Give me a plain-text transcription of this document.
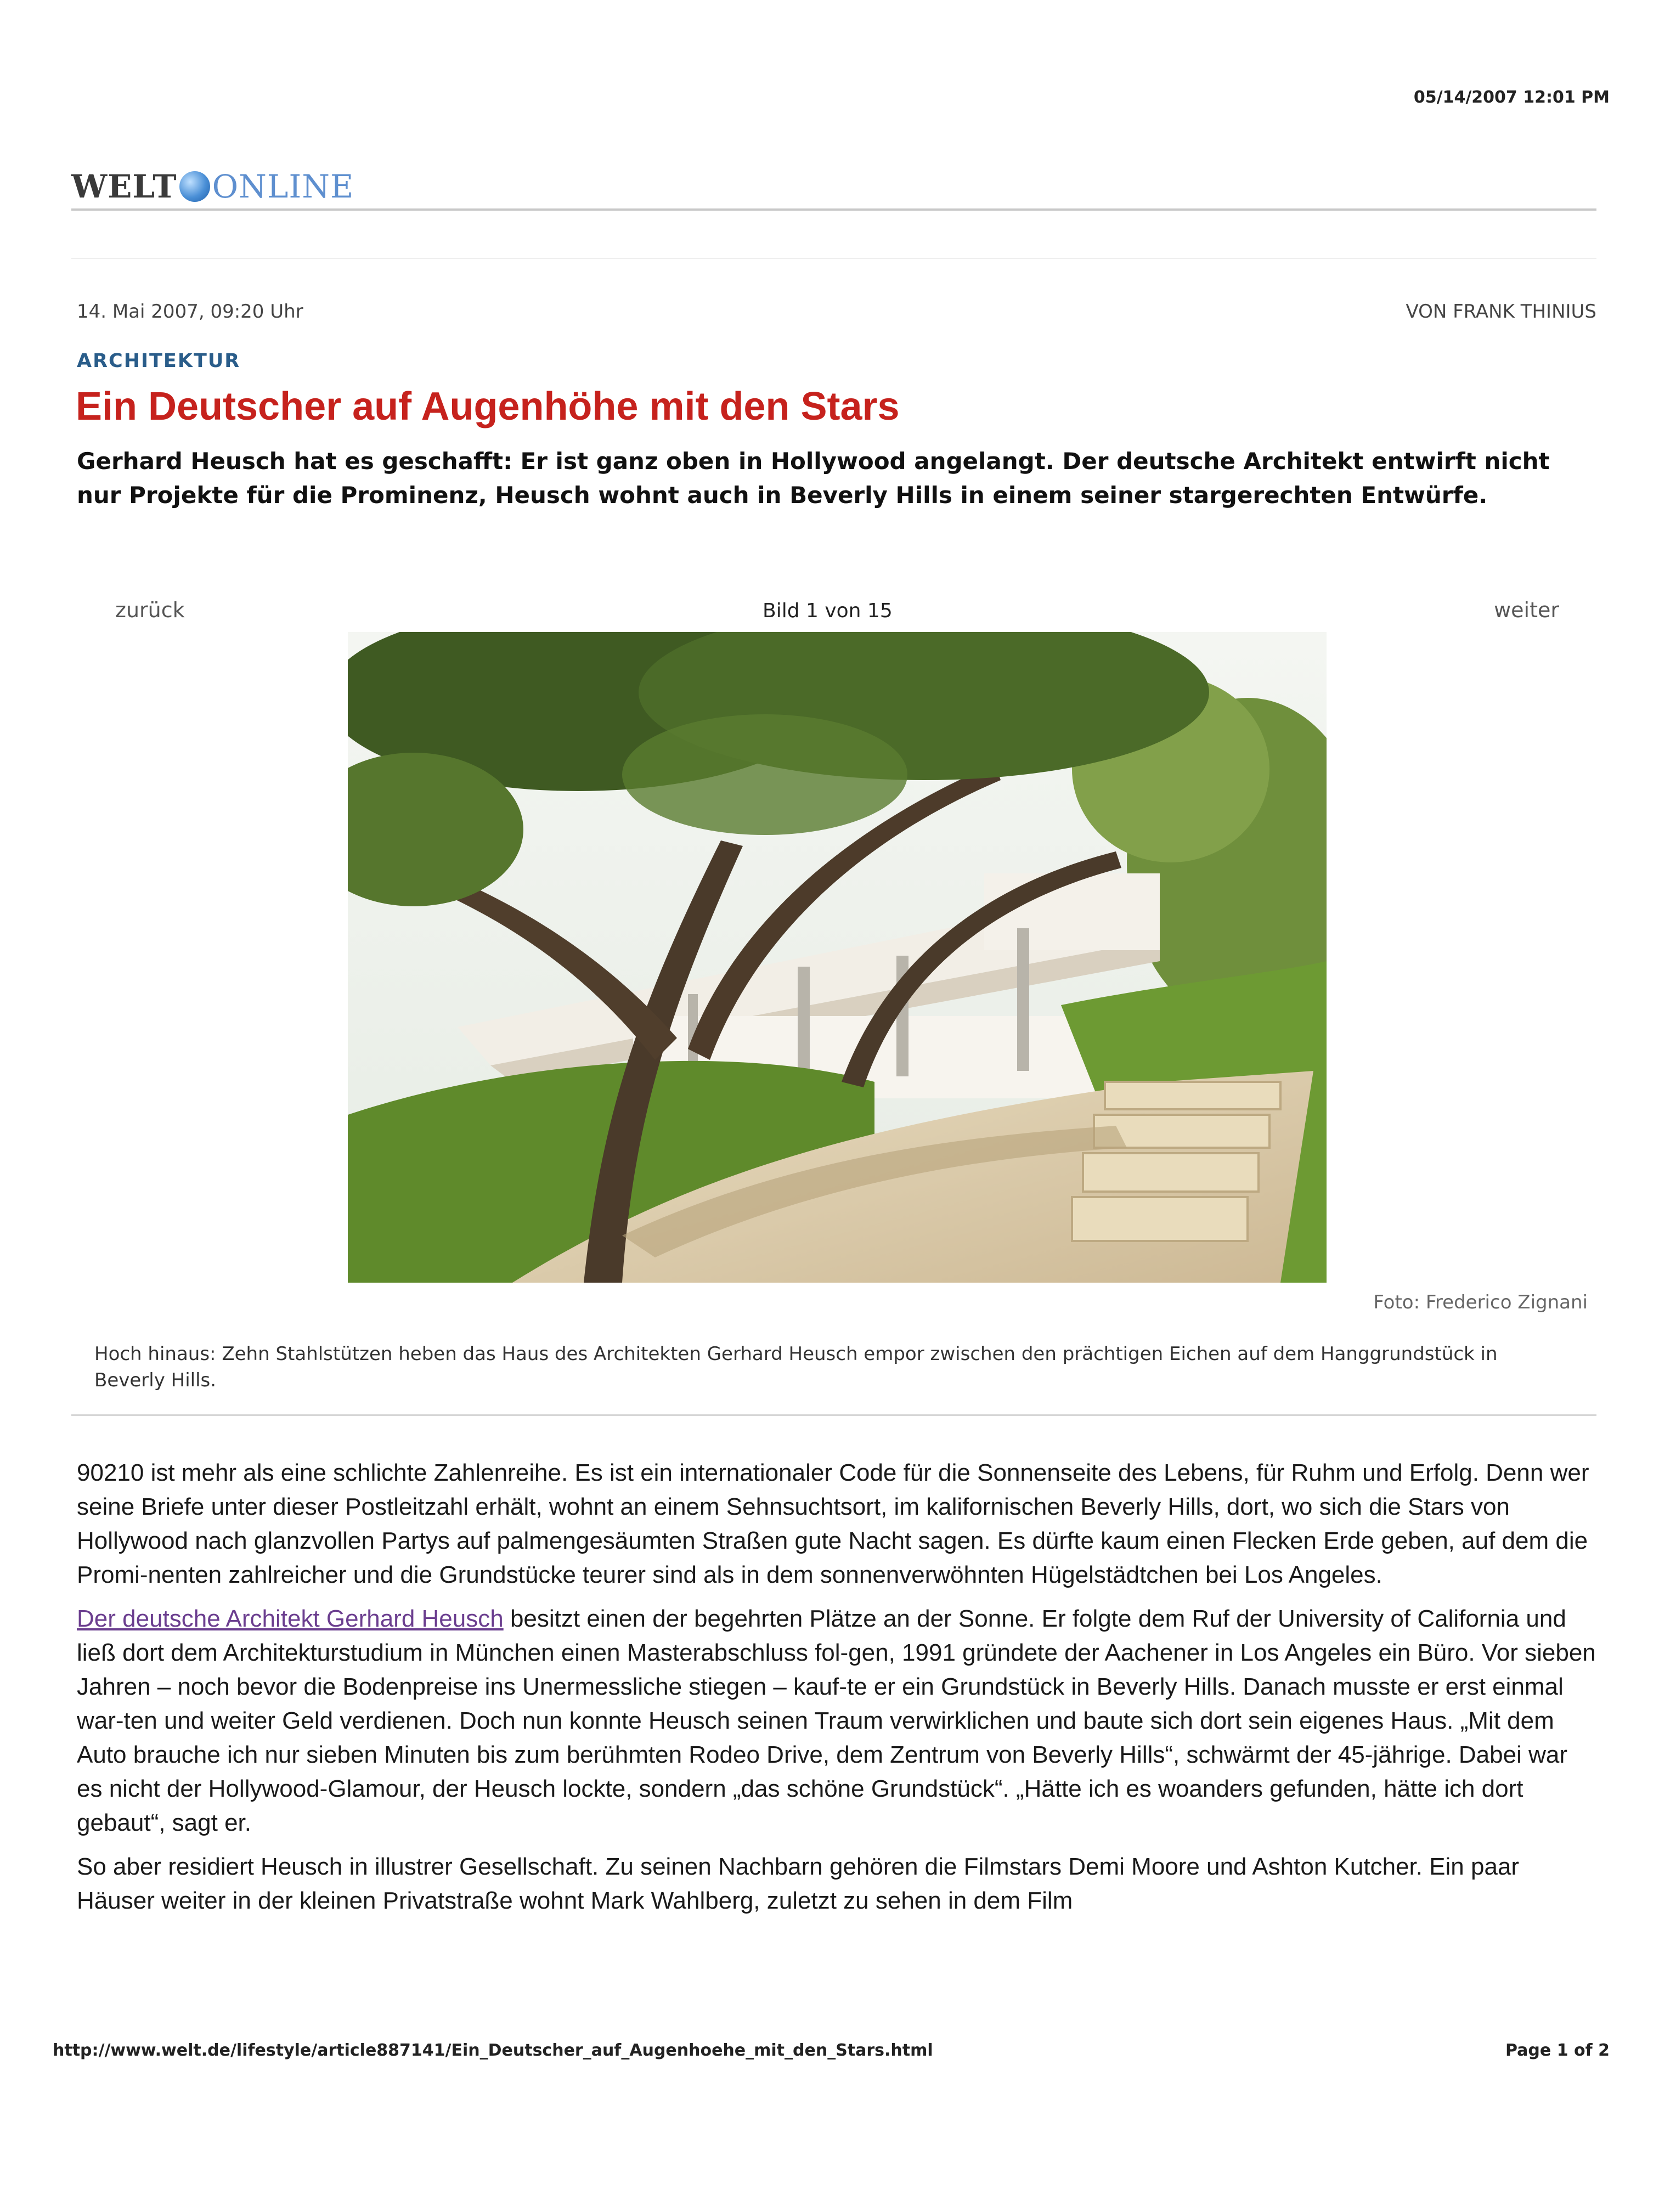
05/14/2007 12:01 PM
WELT ONLINE
14. Mai 2007, 09:20 Uhr	VON FRANK THINIUS
ARCHITEKTUR
Ein Deutscher auf Augenhöhe mit den Stars
Gerhard Heusch hat es geschafft: Er ist ganz oben in Hollywood angelangt. Der deutsche Architekt entwirft nicht nur Projekte für die Prominenz, Heusch wohnt auch in Beverly Hills in einem seiner stargerechten Entwürfe.
zurück	Bild 1 von 15	weiter
Foto: Frederico Zignani
Hoch hinaus: Zehn Stahlstützen heben das Haus des Architekten Gerhard Heusch empor zwischen den prächtigen Eichen auf dem Hanggrundstück in Beverly Hills.

90210 ist mehr als eine schlichte Zahlenreihe. Es ist ein internationaler Code für die Sonnenseite des Lebens, für Ruhm und Erfolg. Denn wer seine Briefe unter dieser Postleitzahl erhält, wohnt an einem Sehnsuchtsort, im kalifornischen Beverly Hills, dort, wo sich die Stars von Hollywood nach glanzvollen Partys auf palmengesäumten Straßen gute Nacht sagen. Es dürfte kaum einen Flecken Erde geben, auf dem die Promi-nenten zahlreicher und die Grundstücke teurer sind als in dem sonnenverwöhnten Hügelstädtchen bei Los Angeles.

Der deutsche Architekt Gerhard Heusch besitzt einen der begehrten Plätze an der Sonne. Er folgte dem Ruf der University of California und ließ dort dem Architekturstudium in München einen Masterabschluss fol-gen, 1991 gründete der Aachener in Los Angeles ein Büro. Vor sieben Jahren – noch bevor die Bodenpreise ins Unermessliche stiegen – kauf-te er ein Grundstück in Beverly Hills. Danach musste er erst einmal war-ten und weiter Geld verdienen. Doch nun konnte Heusch seinen Traum verwirklichen und baute sich dort sein eigenes Haus. „Mit dem Auto brauche ich nur sieben Minuten bis zum berühmten Rodeo Drive, dem Zentrum von Beverly Hills“, schwärmt der 45-jährige. Dabei war es nicht der Hollywood-Glamour, der Heusch lockte, sondern „das schöne Grundstück“. „Hätte ich es woanders gefunden, hätte ich dort gebaut“, sagt er.

So aber residiert Heusch in illustrer Gesellschaft. Zu seinen Nachbarn gehören die Filmstars Demi Moore und Ashton Kutcher. Ein paar Häuser weiter in der kleinen Privatstraße wohnt Mark Wahlberg, zuletzt zu sehen in dem Film

http://www.welt.de/lifestyle/article887141/Ein_Deutscher_auf_Augenhoehe_mit_den_Stars.html	Page 1 of 2
